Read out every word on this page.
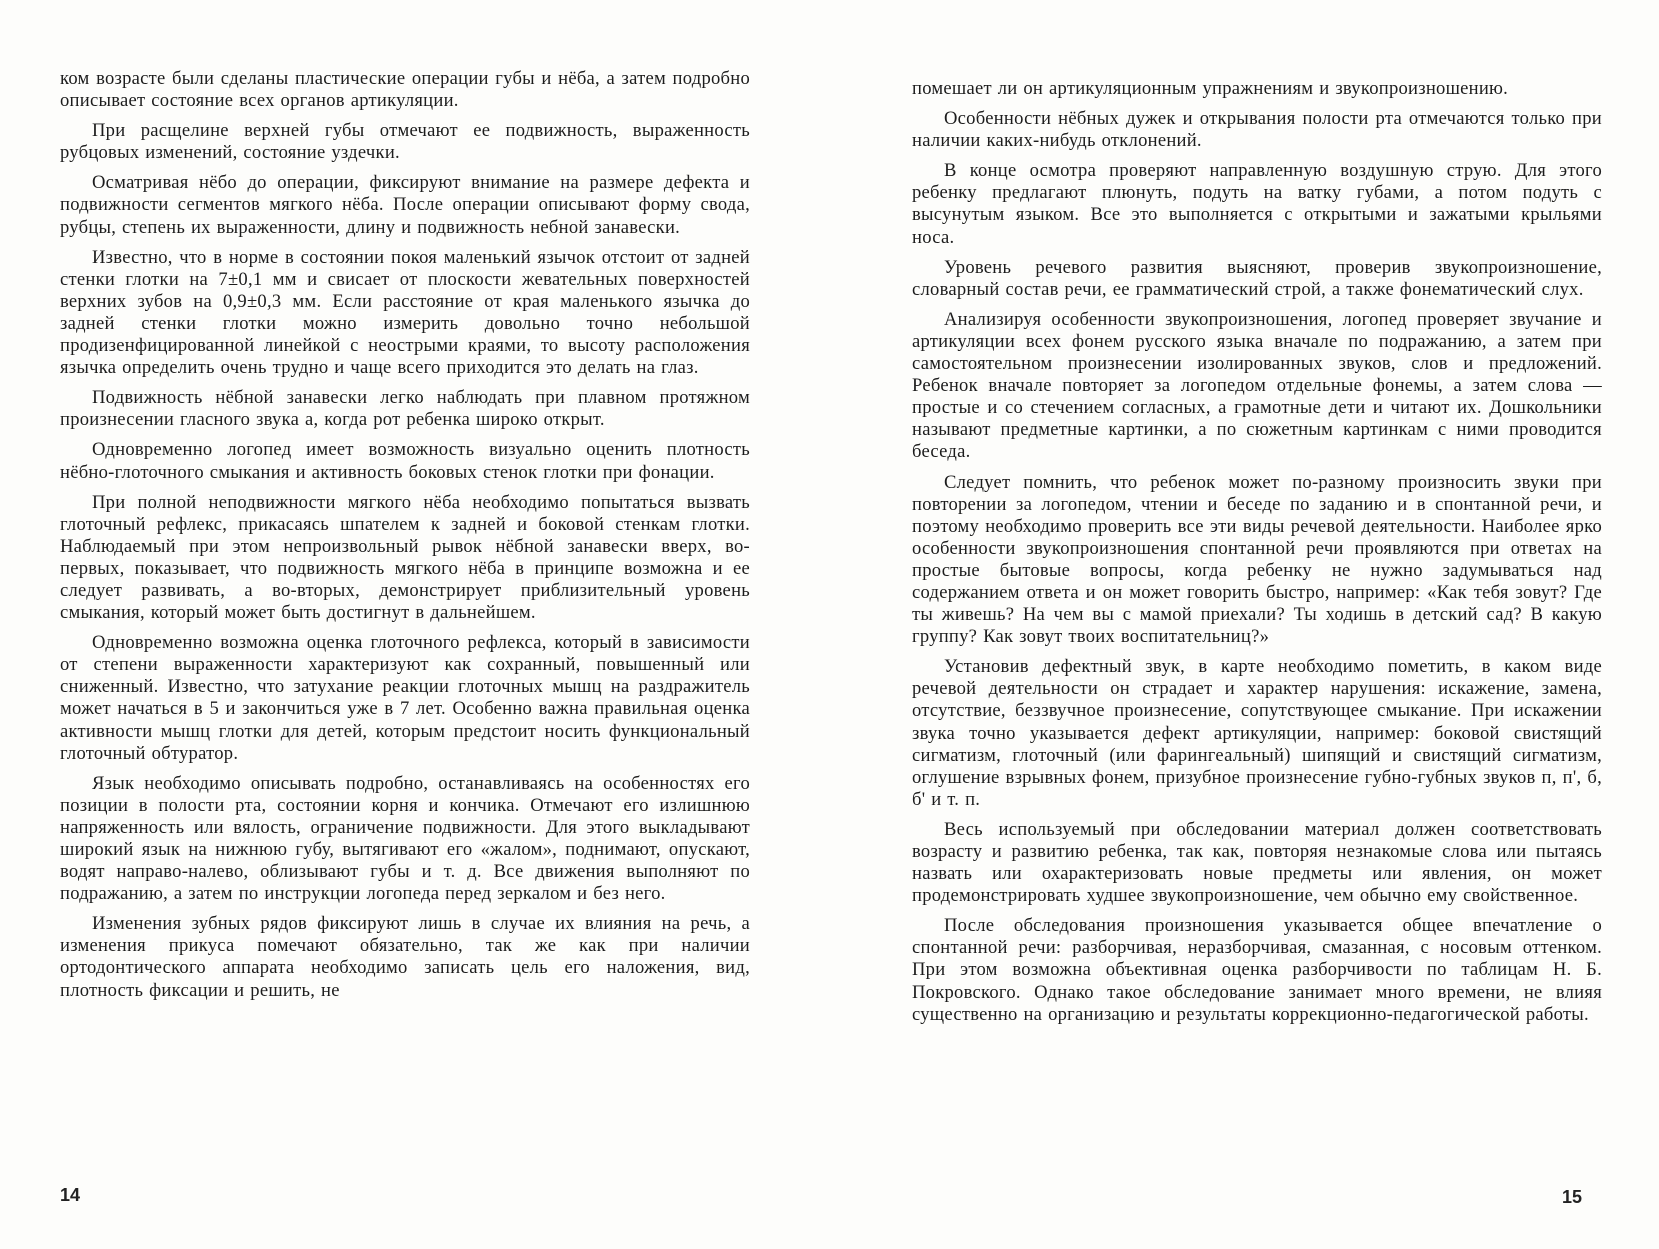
ком возрасте были сделаны пластические операции губы и нёба, а затем подробно описывает состояние всех органов артикуляции.

При расщелине верхней губы отмечают ее подвижность, выраженность рубцовых изменений, состояние уздечки.

Осматривая нёбо до операции, фиксируют внимание на размере дефекта и подвижности сегментов мягкого нёба. После операции описывают форму свода, рубцы, степень их выраженности, длину и подвижность небной занавески.

Известно, что в норме в состоянии покоя маленький язычок отстоит от задней стенки глотки на 7±0,1 мм и свисает от плоскости жевательных поверхностей верхних зубов на 0,9±0,3 мм. Если расстояние от края маленького язычка до задней стенки глотки можно измерить довольно точно небольшой продизенфицированной линейкой с неострыми краями, то высоту расположения язычка определить очень трудно и чаще всего приходится это делать на глаз.

Подвижность нёбной занавески легко наблюдать при плавном протяжном произнесении гласного звука а, когда рот ребенка широко открыт.

Одновременно логопед имеет возможность визуально оценить плотность нёбно-глоточного смыкания и активность боковых стенок глотки при фонации.

При полной неподвижности мягкого нёба необходимо попытаться вызвать глоточный рефлекс, прикасаясь шпателем к задней и боковой стенкам глотки. Наблюдаемый при этом непроизвольный рывок нёбной занавески вверх, во-первых, показывает, что подвижность мягкого нёба в принципе возможна и ее следует развивать, а во-вторых, демонстрирует приблизительный уровень смыкания, который может быть достигнут в дальнейшем.

Одновременно возможна оценка глоточного рефлекса, который в зависимости от степени выраженности характеризуют как сохранный, повышенный или сниженный. Известно, что затухание реакции глоточных мышц на раздражитель может начаться в 5 и закончиться уже в 7 лет. Особенно важна правильная оценка активности мышц глотки для детей, которым предстоит носить функциональный глоточный обтуратор.

Язык необходимо описывать подробно, останавливаясь на особенностях его позиции в полости рта, состоянии корня и кончика. Отмечают его излишнюю напряженность или вялость, ограничение подвижности. Для этого выкладывают широкий язык на нижнюю губу, вытягивают его «жалом», поднимают, опускают, водят направо-налево, облизывают губы и т. д. Все движения выполняют по подражанию, а затем по инструкции логопеда перед зеркалом и без него.

Изменения зубных рядов фиксируют лишь в случае их влияния на речь, а изменения прикуса помечают обязательно, так же как при наличии ортодонтического аппарата необходимо записать цель его наложения, вид, плотность фиксации и решить, не

14

помешает ли он артикуляционным упражнениям и звукопроизношению.

Особенности нёбных дужек и открывания полости рта отмечаются только при наличии каких-нибудь отклонений.

В конце осмотра проверяют направленную воздушную струю. Для этого ребенку предлагают плюнуть, подуть на ватку губами, а потом подуть с высунутым языком. Все это выполняется с открытыми и зажатыми крыльями носа.

Уровень речевого развития выясняют, проверив звукопроизношение, словарный состав речи, ее грамматический строй, а также фонематический слух.

Анализируя особенности звукопроизношения, логопед проверяет звучание и артикуляции всех фонем русского языка вначале по подражанию, а затем при самостоятельном произнесении изолированных звуков, слов и предложений. Ребенок вначале повторяет за логопедом отдельные фонемы, а затем слова — простые и со стечением согласных, а грамотные дети и читают их. Дошкольники называют предметные картинки, а по сюжетным картинкам с ними проводится беседа.

Следует помнить, что ребенок может по-разному произносить звуки при повторении за логопедом, чтении и беседе по заданию и в спонтанной речи, и поэтому необходимо проверить все эти виды речевой деятельности. Наиболее ярко особенности звукопроизношения спонтанной речи проявляются при ответах на простые бытовые вопросы, когда ребенку не нужно задумываться над содержанием ответа и он может говорить быстро, например: «Как тебя зовут? Где ты живешь? На чем вы с мамой приехали? Ты ходишь в детский сад? В какую группу? Как зовут твоих воспитательниц?»

Установив дефектный звук, в карте необходимо пометить, в каком виде речевой деятельности он страдает и характер нарушения: искажение, замена, отсутствие, беззвучное произнесение, сопутствующее смыкание. При искажении звука точно указывается дефект артикуляции, например: боковой свистящий сигматизм, глоточный (или фарингеальный) шипящий и свистящий сигматизм, оглушение взрывных фонем, призубное произнесение губно-губных звуков п, п', б, б' и т. п.

Весь используемый при обследовании материал должен соответствовать возрасту и развитию ребенка, так как, повторяя незнакомые слова или пытаясь назвать или охарактеризовать новые предметы или явления, он может продемонстрировать худшее звукопроизношение, чем обычно ему свойственное.

После обследования произношения указывается общее впечатление о спонтанной речи: разборчивая, неразборчивая, смазанная, с носовым оттенком. При этом возможна объективная оценка разборчивости по таблицам Н. Б. Покровского. Однако такое обследование занимает много времени, не влияя существенно на организацию и результаты коррекционно-педагогической работы.

15
